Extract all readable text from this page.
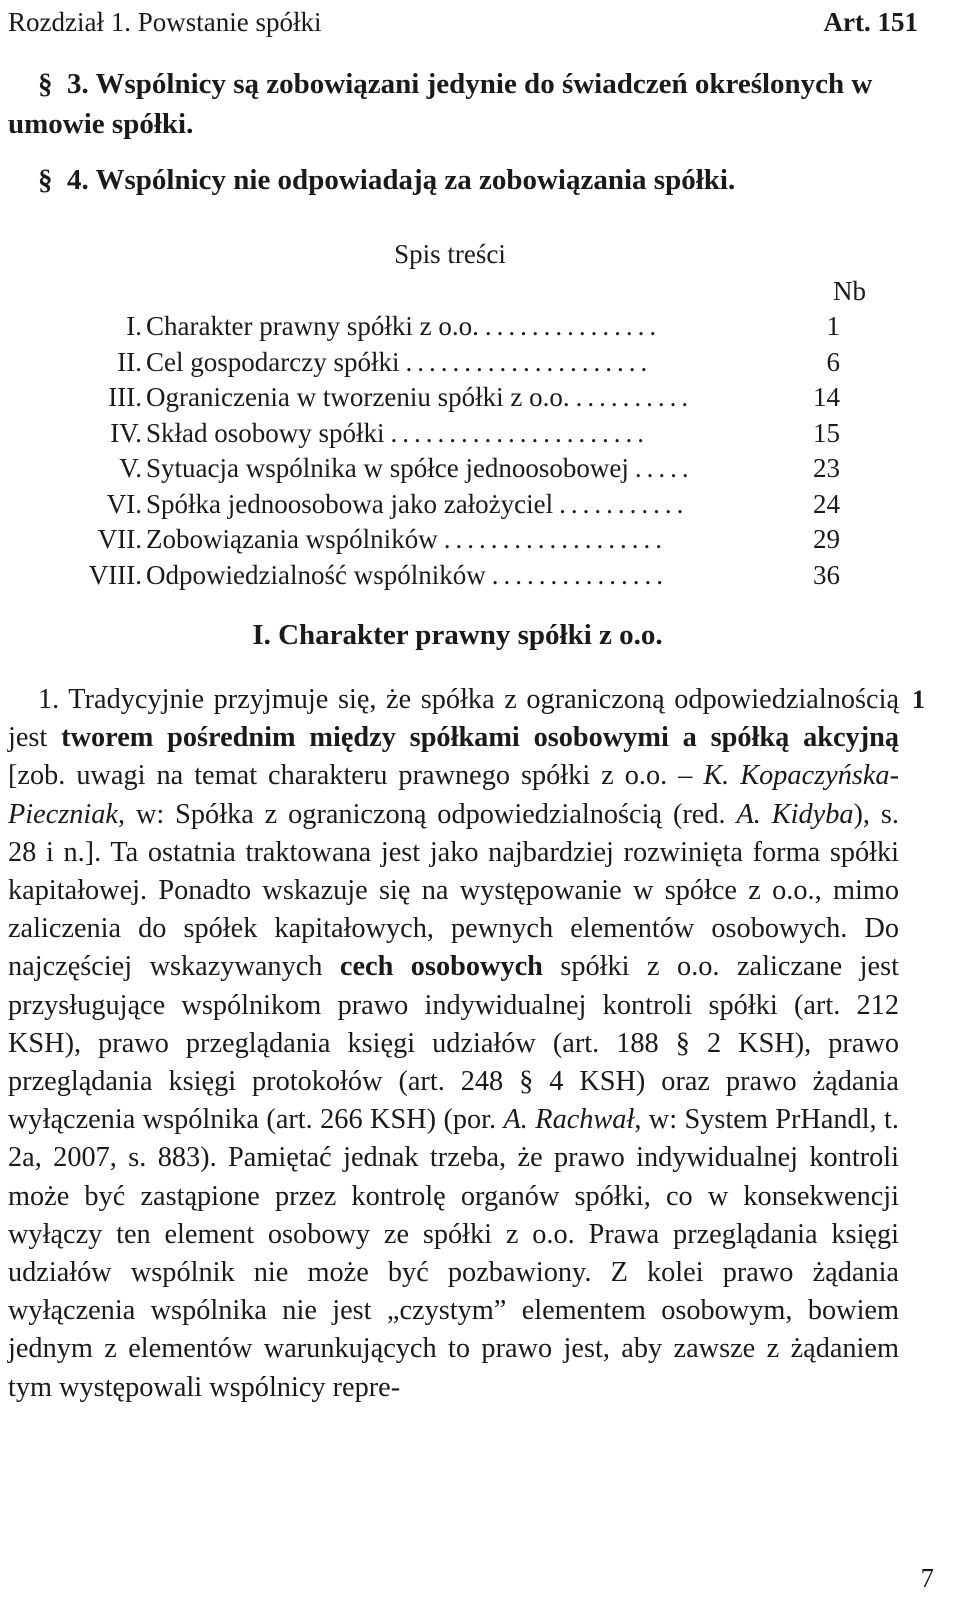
Rozdział 1. Powstanie spółki	Art. 151

§ 3. Wspólnicy są zobowiązani jedynie do świadczeń określonych w umowie spółki.

§ 4. Wspólnicy nie odpowiadają za zobowiązania spółki.

Spis treści
Nb
I. Charakter prawny spółki z o.o. ...............	1
II. Cel gospodarczy spółki .....................	6
III. Ograniczenia w tworzeniu spółki z o.o. ..........	14
IV. Skład osobowy spółki ......................	15
V. Sytuacja wspólnika w spółce jednoosobowej .....	23
VI. Spółka jednoosobowa jako założyciel ...........	24
VII. Zobowiązania wspólników ...................	29
VIII. Odpowiedzialność wspólników ...............	36
I. Charakter prawny spółki z o.o.

1. Tradycyjnie przyjmuje się, że spółka z ograniczoną odpowiedzialnością jest tworem pośrednim między spółkami osobowymi a spółką akcyjną [zob. uwagi na temat charakteru prawnego spółki z o.o. – K. Kopaczyńska-Pieczniak, w: Spółka z ograniczoną odpowiedzialnością (red. A. Kidyba), s. 28 i n.]. Ta ostatnia traktowana jest jako najbardziej rozwinięta forma spółki kapitałowej. Ponadto wskazuje się na występowanie w spółce z o.o., mimo zaliczenia do spółek kapitałowych, pewnych elementów osobowych. Do najczęściej wskazywanych cech osobowych spółki z o.o. zaliczane jest przysługujące wspólnikom prawo indywidualnej kontroli spółki (art. 212 KSH), prawo przeglądania księgi udziałów (art. 188 § 2 KSH), prawo przeglądania księgi protokołów (art. 248 § 4 KSH) oraz prawo żądania wyłączenia wspólnika (art. 266 KSH) (por. A. Rachwał, w: System PrHandl, t. 2a, 2007, s. 883). Pamiętać jednak trzeba, że prawo indywidualnej kontroli może być zastąpione przez kontrolę organów spółki, co w konsekwencji wyłączy ten element osobowy ze spółki z o.o. Prawa przeglądania księgi udziałów wspólnik nie może być pozbawiony. Z kolei prawo żądania wyłączenia wspólnika nie jest „czystym” elementem osobowym, bowiem jednym z elementów warunkujących to prawo jest, aby zawsze z żądaniem tym występowali wspólnicy repre-

1
7
